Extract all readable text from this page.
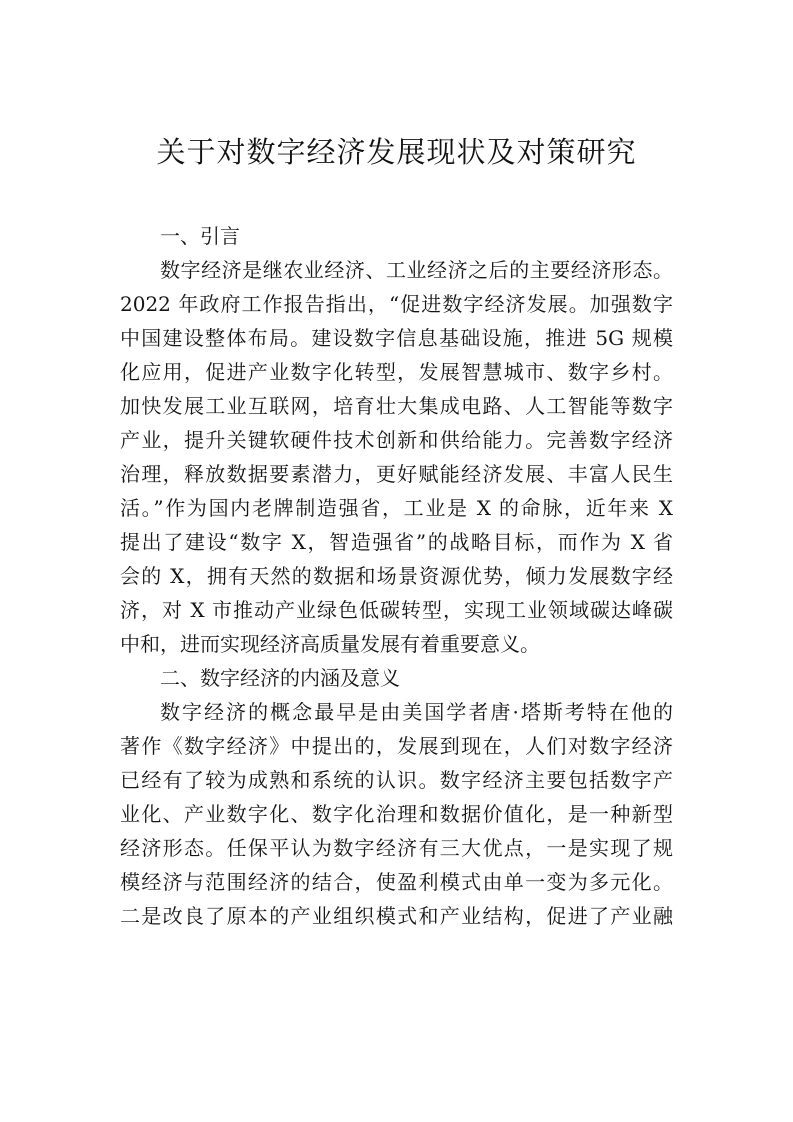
关于对数字经济发展现状及对策研究
一、引言
数字经济是继农业经济、工业经济之后的主要经济形态。
2022 年政府工作报告指出，“促进数字经济发展。加强数字
中国建设整体布局。建设数字信息基础设施，推进 5G 规模
化应用，促进产业数字化转型，发展智慧城市、数字乡村。
加快发展工业互联网，培育壮大集成电路、人工智能等数字
产业，提升关键软硬件技术创新和供给能力。完善数字经济
治理，释放数据要素潜力，更好赋能经济发展、丰富人民生
活。”作为国内老牌制造强省，工业是 X 的命脉，近年来 X
提出了建设“数字 X，智造强省”的战略目标，而作为 X 省
会的 X，拥有天然的数据和场景资源优势，倾力发展数字经
济，对 X 市推动产业绿色低碳转型，实现工业领域碳达峰碳
中和，进而实现经济高质量发展有着重要意义。
二、数字经济的内涵及意义
数字经济的概念最早是由美国学者唐·塔斯考特在他的
著作《数字经济》中提出的，发展到现在，人们对数字经济
已经有了较为成熟和系统的认识。数字经济主要包括数字产
业化、产业数字化、数字化治理和数据价值化，是一种新型
经济形态。任保平认为数字经济有三大优点，一是实现了规
模经济与范围经济的结合，使盈利模式由单一变为多元化。
二是改良了原本的产业组织模式和产业结构，促进了产业融
